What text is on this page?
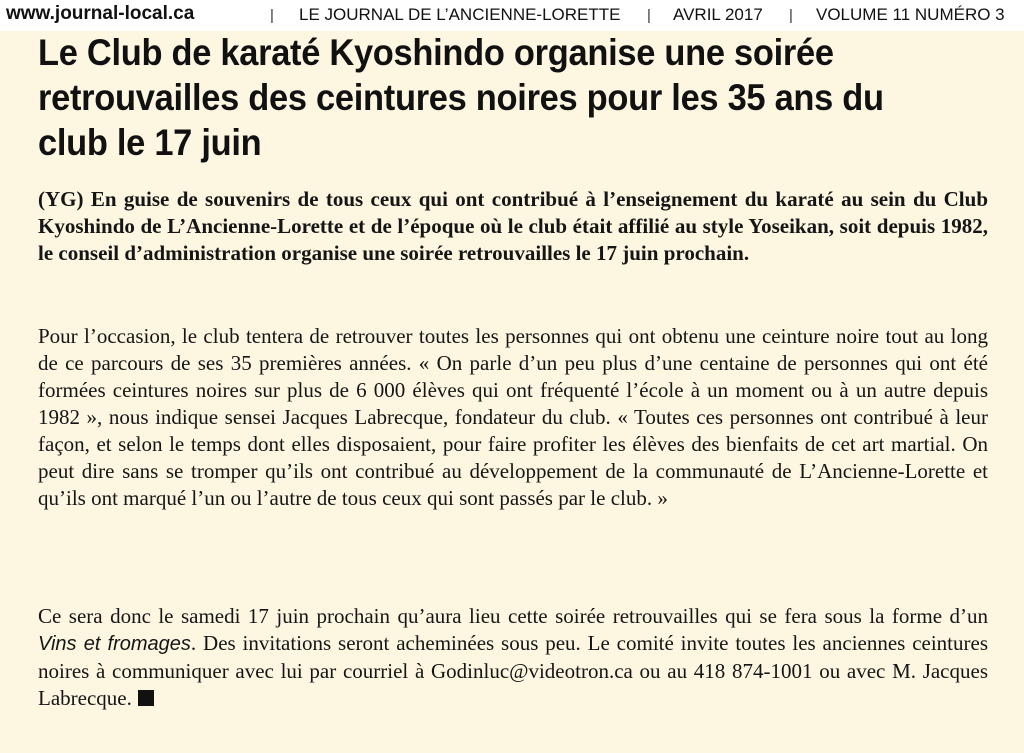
www.journal-local.ca	| LE JOURNAL DE L’ANCIENNE-LORETTE | AVRIL 2017 | VOLUME 11 NUMÉRO 3
Le Club de karaté Kyoshindo organise une soirée retrouvailles des ceintures noires pour les 35 ans du club le 17 juin

(YG) En guise de souvenirs de tous ceux qui ont contribué à l’enseignement du karaté au sein du Club Kyoshindo de L’Ancienne-Lorette et de l’époque où le club était affilié au style Yoseikan, soit depuis 1982, le conseil d’administration organise une soirée retrouvailles le 17 juin prochain.

Pour l’occasion, le club tentera de retrouver toutes les personnes qui ont obtenu une ceinture noire tout au long de ce parcours de ses 35 premières années. « On parle d’un peu plus d’une centaine de personnes qui ont été formées ceintures noires sur plus de 6 000 élèves qui ont fréquenté l’école à un moment ou à un autre depuis 1982 », nous indique sensei Jacques Labrecque, fondateur du club. « Toutes ces personnes ont contribué à leur façon, et selon le temps dont elles disposaient, pour faire profiter les élèves des bienfaits de cet art martial. On peut dire sans se tromper qu’ils ont contribué au développement de la communauté de L’Ancienne-Lorette et qu’ils ont marqué l’un ou l’autre de tous ceux qui sont passés par le club. »

Ce sera donc le samedi 17 juin prochain qu’aura lieu cette soirée retrouvailles qui se fera sous la forme d’un Vins et fromages. Des invitations seront acheminées sous peu. Le comité invite toutes les anciennes ceintures noires à communiquer avec lui par courriel à Godinluc@videotron.ca ou au 418 874-1001 ou avec M. Jacques Labrecque.
